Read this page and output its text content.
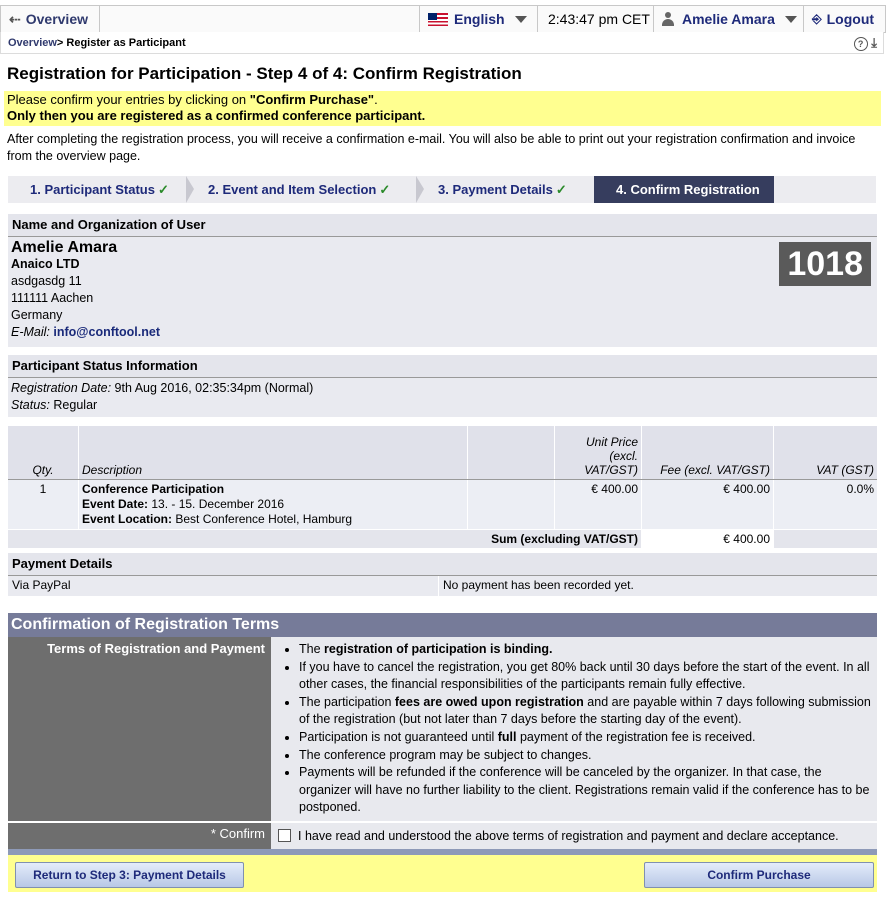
⇠ Overview	English	2:43:47 pm CET Amelie Amara	⎆ Logout
Overview > Register as Participant	? ⤓
Registration for Participation - Step 4 of 4: Confirm Registration
Please confirm your entries by clicking on "Confirm Purchase".
Only then you are registered as a confirmed conference participant.
After completing the registration process, you will receive a confirmation e-mail. You will also be able to print out your registration confirmation and invoice from the overview page.
1. Participant Status ✓	2. Event and Item Selection ✓	3. Payment Details ✓	4. Confirm Registration
Name and Organization of User
Amelie Amara
Anaico LTD
asdgasdg 11
111111 Aachen
Germany
E-Mail: info@conftool.net
1018
Participant Status Information
Registration Date: 9th Aug 2016, 02:35:34pm (Normal)
Status: Regular
Qty.	Description		Unit Price (excl. VAT/GST)	Fee (excl. VAT/GST)	VAT (GST)
1	Conference Participation
Event Date: 13. - 15. December 2016
Event Location: Best Conference Hotel, Hamburg		€ 400.00	€ 400.00	0.0%
Sum (excluding VAT/GST)				€ 400.00	
Payment Details
Via PayPal	No payment has been recorded yet.
Confirmation of Registration Terms
Terms of Registration and Payment	• The registration of participation is binding.
• If you have to cancel the registration, you get 80% back until 30 days before the start of the event. In all other cases, the financial responsibilities of the participants remain fully effective.
• The participation fees are owed upon registration and are payable within 7 days following submission of the registration (but not later than 7 days before the starting day of the event).
• Participation is not guaranteed until full payment of the registration fee is received.
• The conference program may be subject to changes.
• Payments will be refunded if the conference will be canceled by the organizer. In that case, the organizer will have no further liability to the client. Registrations remain valid if the conference has to be postponed.
* Confirm	I have read and understood the above terms of registration and payment and declare acceptance.
Return to Step 3: Payment Details	Confirm Purchase
